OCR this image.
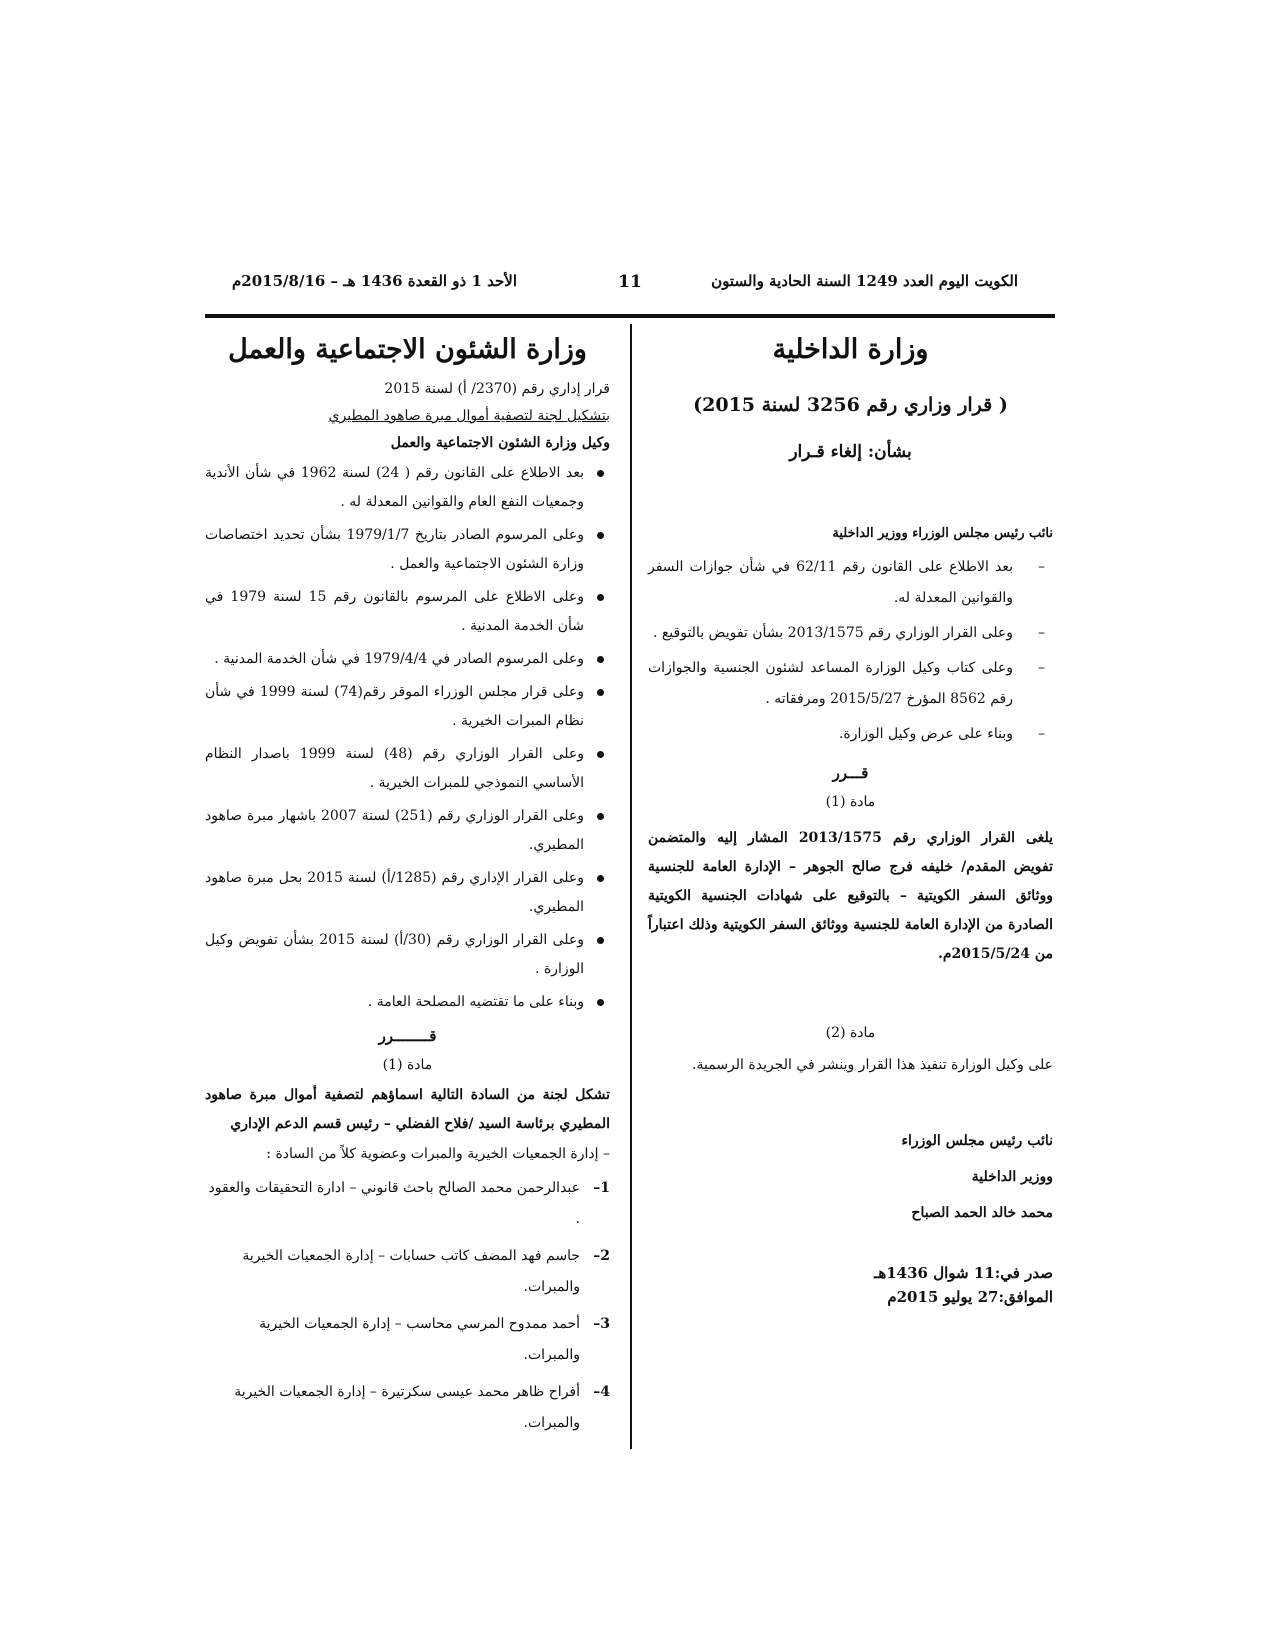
الكويت اليوم العدد 1249 السنة الحادية والستون
11
الأحد 1 ذو القعدة 1436 هـ – 2015/8/16م
وزارة الداخلية
( قرار وزاري رقم 3256 لسنة 2015)
بشأن: إلغاء قـرار
نائب رئيس مجلس الوزراء ووزير الداخلية
–
بعد الاطلاع على القانون رقم 62/11 في شأن جوازات السفر والقوانين المعدلة له.
–
وعلى القرار الوزاري رقم 2013/1575 بشأن تفويض بالتوقيع .
–
وعلى كتاب وكيل الوزارة المساعد لشئون الجنسية والجوازات رقم 8562 المؤرخ 2015/5/27 ومرفقاته .
–
وبناء على عرض وكيل الوزارة.
قـــرر
مادة (1)
يلغى القرار الوزاري رقم 2013/1575 المشار إليه والمتضمن تفويض المقدم/ خليفه فرج صالح الجوهر – الإدارة العامة للجنسية ووثائق السفر الكويتية – بالتوقيع على شهادات الجنسية الكويتية الصادرة من الإدارة العامة للجنسية ووثائق السفر الكويتية وذلك اعتباراً من 2015/5/24م.
مادة (2)
على وكيل الوزارة تنفيذ هذا القرار وينشر في الجريدة الرسمية.
نائب رئيس مجلس الوزراء
ووزير الداخلية
محمد خالد الحمد الصباح
صدر في:11 شوال 1436هـ
الموافق:27 يوليو 2015م
وزارة الشئون الاجتماعية والعمل
قرار إداري رقم (2370/ أ) لسنة 2015
بتشكيل لجنة لتصفية أموال مبرة صاهود المطيري
وكيل وزارة الشئون الاجتماعية والعمل
بعد الاطلاع على القانون رقم ( 24) لسنة 1962 في شأن الأندية وجمعيات النفع العام والقوانين المعدلة له .
وعلى المرسوم الصادر بتاريخ 1979/1/7 بشأن تحديد اختصاصات وزارة الشئون الاجتماعية والعمل .
وعلى الاطلاع على المرسوم بالقانون رقم 15 لسنة 1979 في شأن الخدمة المدنية .
وعلى المرسوم الصادر في 1979/4/4 في شأن الخدمة المدنية .
وعلى قرار مجلس الوزراء الموقر رقم(74) لسنة 1999 في شأن نظام المبرات الخيرية .
وعلى القرار الوزاري رقم (48) لسنة 1999 باصدار النظام الأساسي النموذجي للمبرات الخيرية .
وعلى القرار الوزاري رقم (251) لسنة 2007 باشهار مبرة صاهود المطيري.
وعلى القرار الإداري رقم (1285/أ) لسنة 2015 بحل مبرة صاهود المطيري.
وعلى القرار الوزاري رقم (30/أ) لسنة 2015 بشأن تفويض وكيل الوزارة .
وبناء على ما تقتضيه المصلحة العامة .
قــــــــرر
مادة (1)
تشكل لجنة من السادة التالية اسماؤهم لتصفية أموال مبرة صاهود المطيري برئاسة السيد /فلاح الفضلي – رئيس قسم الدعم الإداري
– إدارة الجمعيات الخيرية والمبرات وعضوية كلاً من السادة :
1–
عبدالرحمن محمد الصالح باحث قانوني – ادارة التحقيقات والعقود .
2–
جاسم فهد المضف كاتب حسابات – إدارة الجمعيات الخيرية والمبرات.
3–
أحمد ممدوح المرسي محاسب – إدارة الجمعيات الخيرية والمبرات.
4–
أفراح ظاهر محمد عيسى سكرتيرة – إدارة الجمعيات الخيرية والمبرات.
